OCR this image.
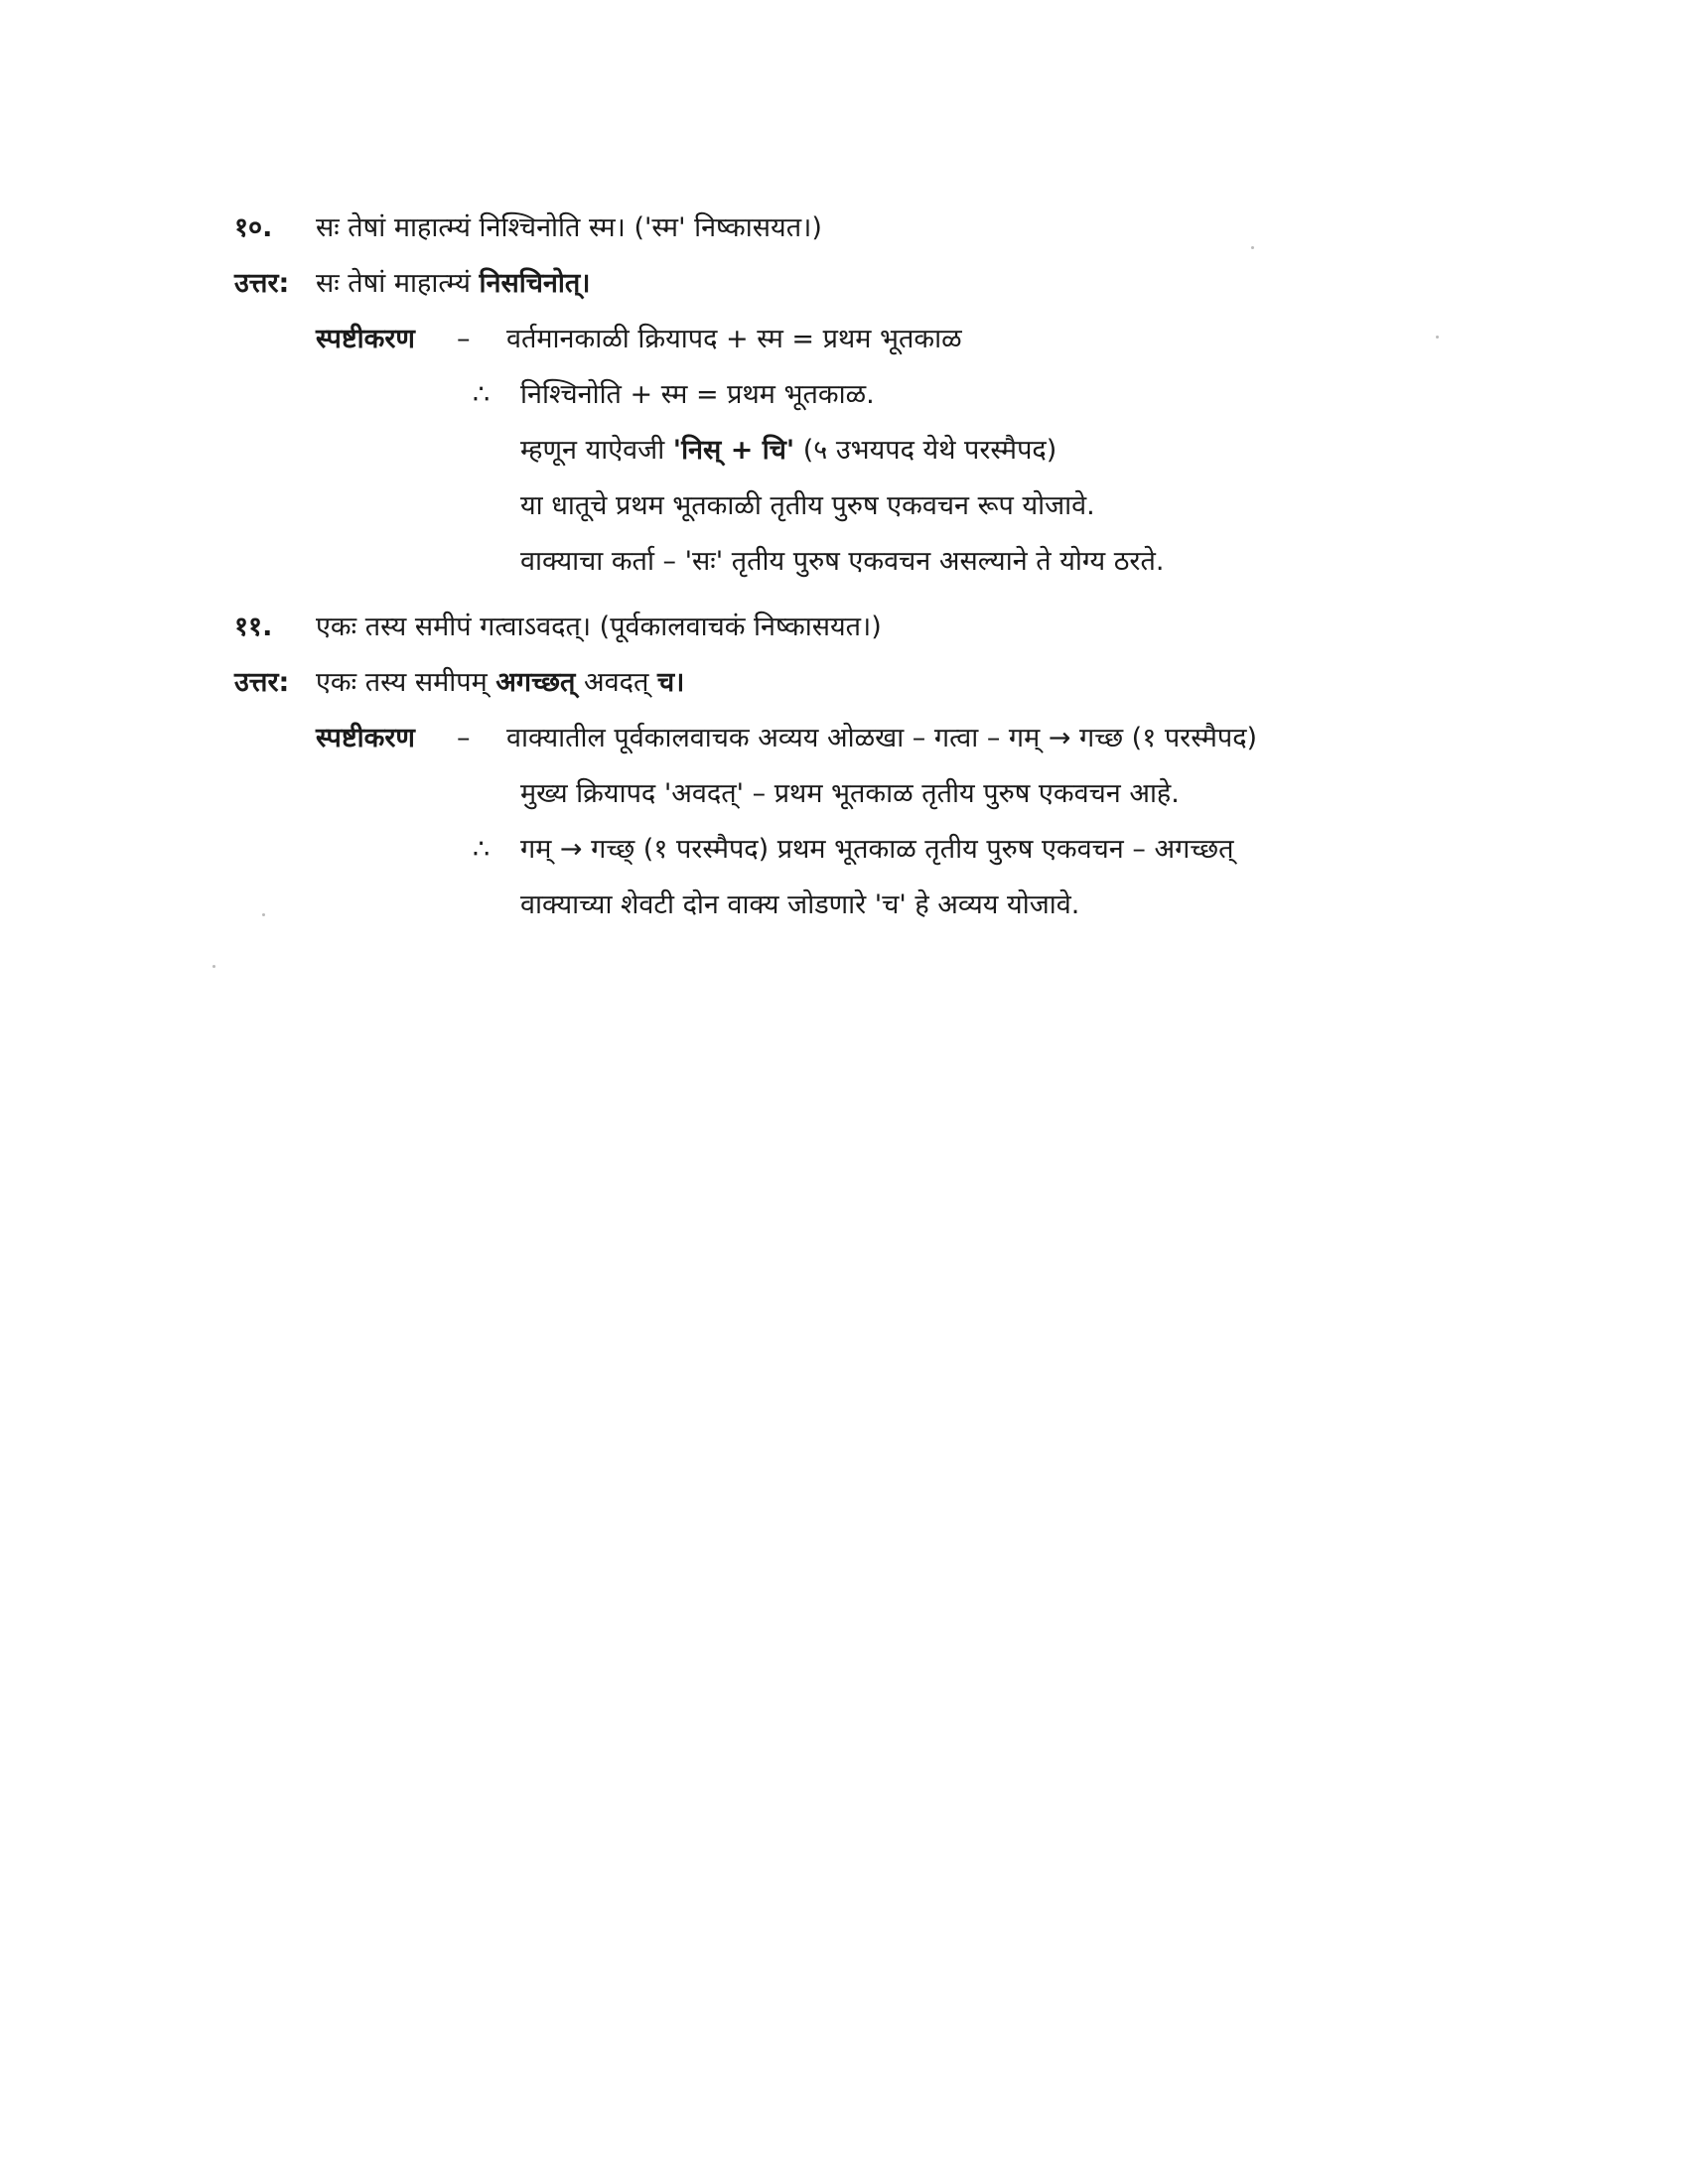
१०.	सः तेषां माहात्म्यं निश्चिनोति स्म। ('स्म' निष्कासयत।)
उत्तर: सः तेषां माहात्म्यं निसचिनोत्।
स्पष्टीकरण	–	वर्तमानकाळी क्रियापद + स्म = प्रथम भूतकाळ
∴	निश्चिनोति + स्म = प्रथम भूतकाळ.
म्हणून याऐवजी 'निस् + चि' (५ उभयपद येथे परस्मैपद)
या धातूचे प्रथम भूतकाळी तृतीय पुरुष एकवचन रूप योजावे.
वाक्याचा कर्ता – 'सः' तृतीय पुरुष एकवचन असल्याने ते योग्य ठरते.
११.	एकः तस्य समीपं गत्वाऽवदत्। (पूर्वकालवाचकं निष्कासयत।)
उत्तर: एकः तस्य समीपम् अगच्छत् अवदत् च।
स्पष्टीकरण	–	वाक्यातील पूर्वकालवाचक अव्यय ओळखा – गत्वा – गम् → गच्छ (१ परस्मैपद)
मुख्य क्रियापद 'अवदत्' – प्रथम भूतकाळ तृतीय पुरुष एकवचन आहे.
∴	गम् → गच्छ् (१ परस्मैपद) प्रथम भूतकाळ तृतीय पुरुष एकवचन – अगच्छत्
वाक्याच्या शेवटी दोन वाक्य जोडणारे 'च' हे अव्यय योजावे.
